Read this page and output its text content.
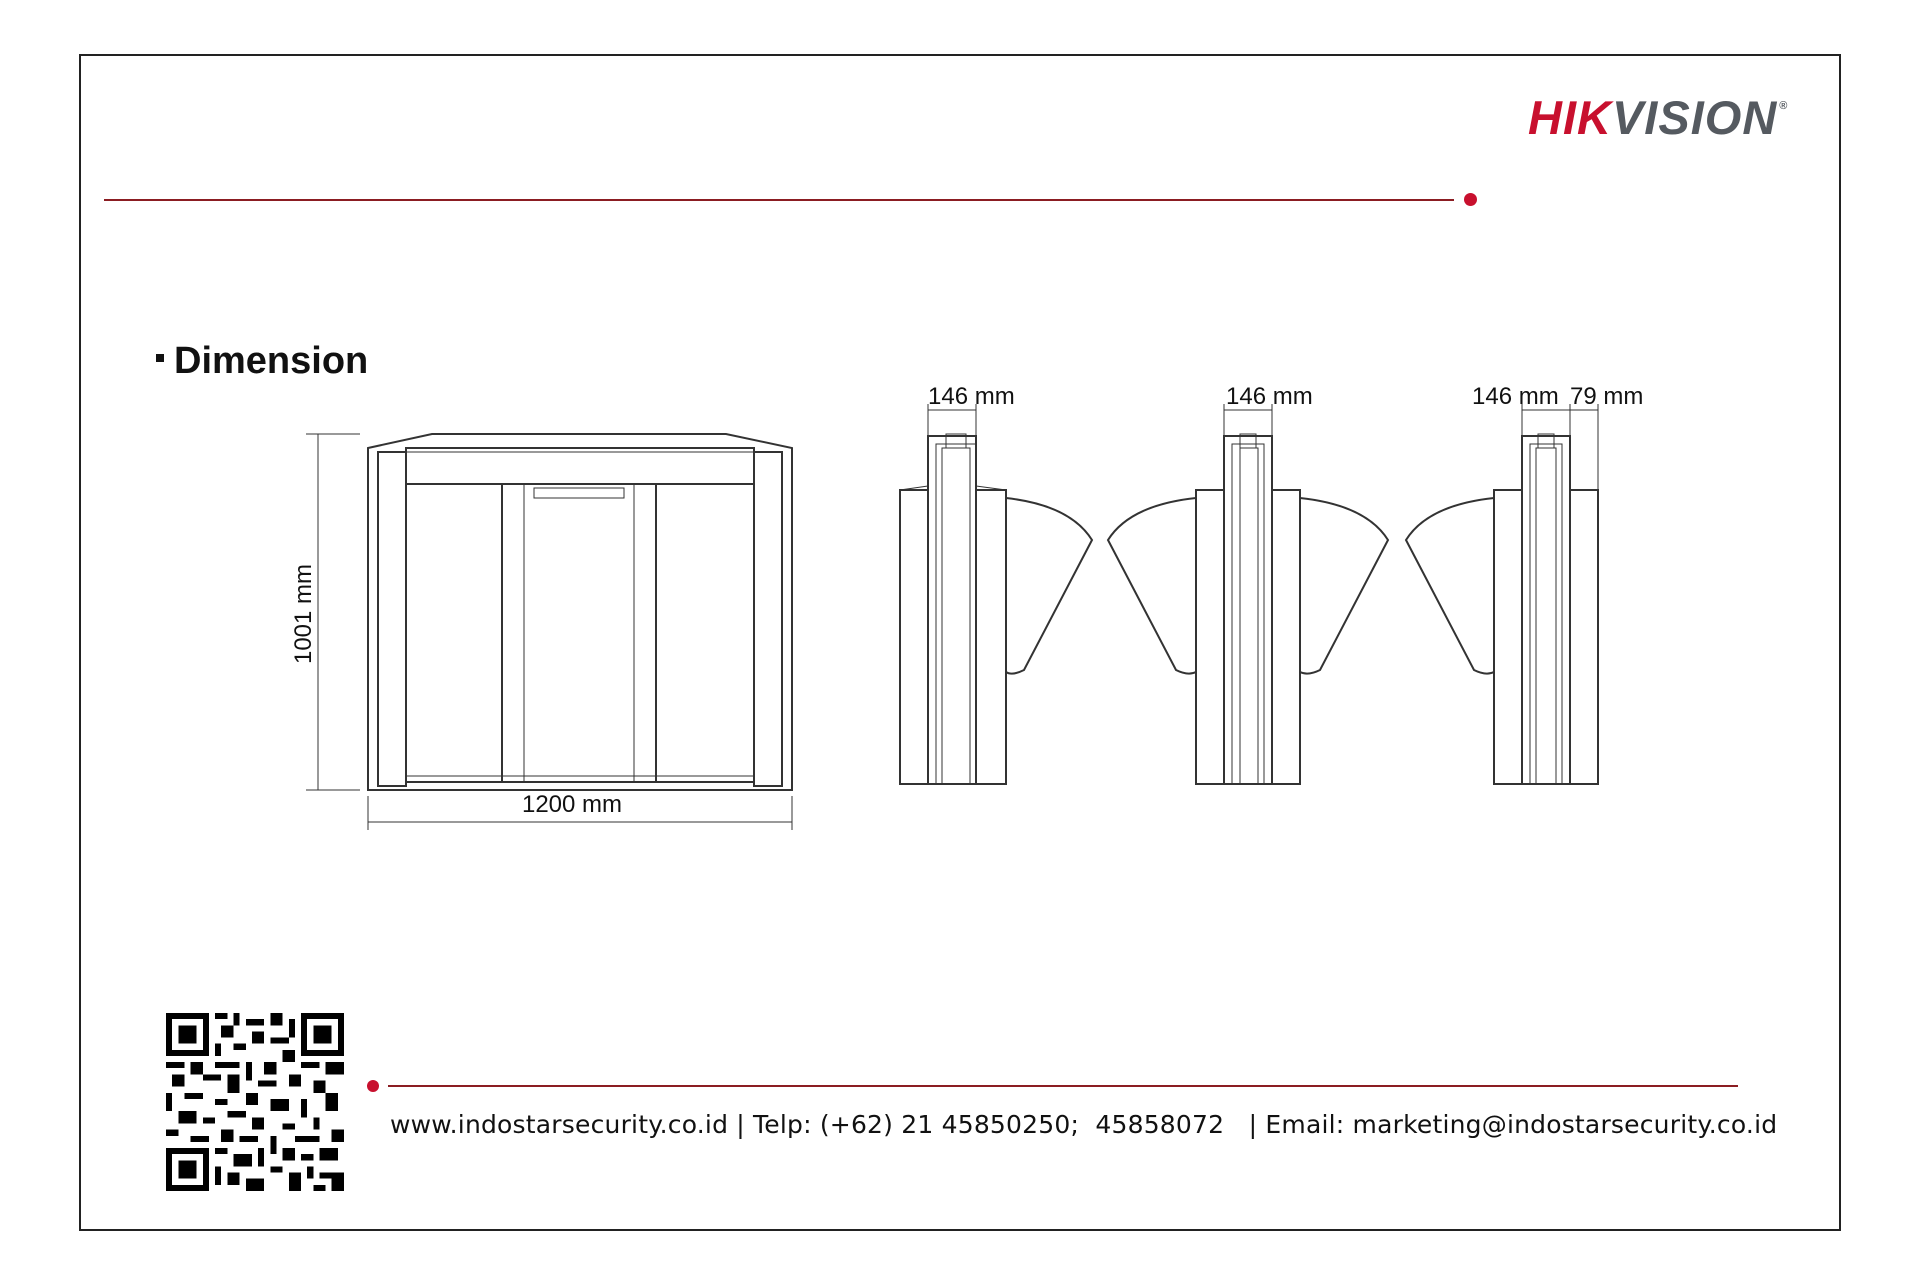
HIK VISION ®
Dimension
1001 mm
1200 mm
146 mm	146 mm	146 mm 79 mm
www.indostarsecurity.co.id | Telp: (+62) 21 45850250;  45858072   | Email: marketing@indostarsecurity.co.id
